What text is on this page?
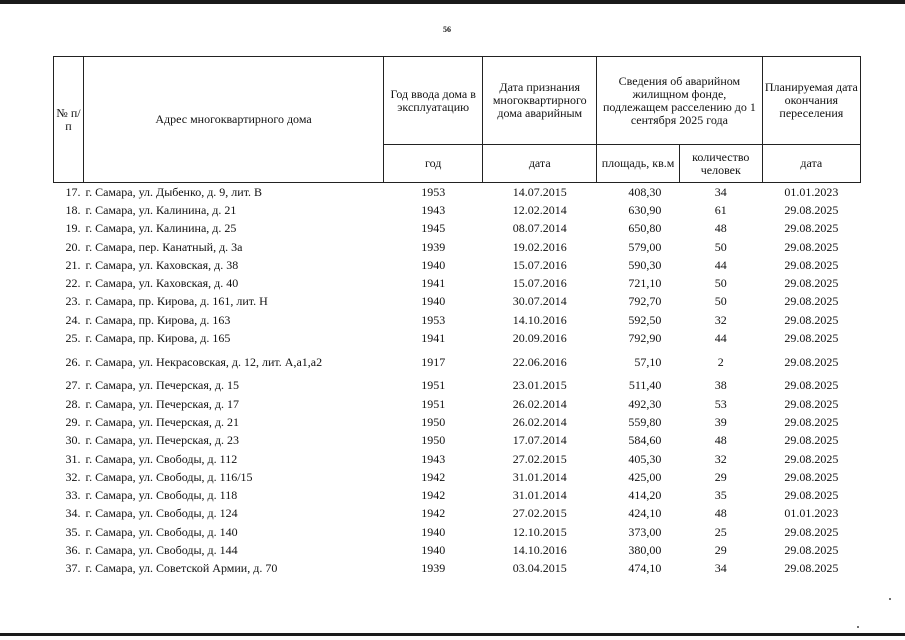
56
№ п/п	Адрес многоквартирного дома	Год ввода дома в эксплуатацию	Дата признания многоквартирного дома аварийным	Сведения об аварийном жилищном фонде, подлежащем расселению до 1 сентября 2025 года		Планируемая дата окончания переселения
		год	дата	площадь, кв.м	количество человек	дата
17.	г. Самара, ул. Дыбенко, д. 9, лит. В	1953	14.07.2015	408,30	34	01.01.2023
18.	г. Самара, ул. Калинина, д. 21	1943	12.02.2014	630,90	61	29.08.2025
19.	г. Самара, ул. Калинина, д. 25	1945	08.07.2014	650,80	48	29.08.2025
20.	г. Самара, пер. Канатный, д. 3а	1939	19.02.2016	579,00	50	29.08.2025
21.	г. Самара, ул. Каховская, д. 38	1940	15.07.2016	590,30	44	29.08.2025
22.	г. Самара, ул. Каховская, д. 40	1941	15.07.2016	721,10	50	29.08.2025
23.	г. Самара, пр. Кирова, д. 161, лит. Н	1940	30.07.2014	792,70	50	29.08.2025
24.	г. Самара, пр. Кирова, д. 163	1953	14.10.2016	592,50	32	29.08.2025
25.	г. Самара, пр. Кирова, д. 165	1941	20.09.2016	792,90	44	29.08.2025
26.	г. Самара, ул. Некрасовская, д. 12, лит. А,а1,а2	1917	22.06.2016	57,10	2	29.08.2025
27.	г. Самара, ул. Печерская, д. 15	1951	23.01.2015	511,40	38	29.08.2025
28.	г. Самара, ул. Печерская, д. 17	1951	26.02.2014	492,30	53	29.08.2025
29.	г. Самара, ул. Печерская, д. 21	1950	26.02.2014	559,80	39	29.08.2025
30.	г. Самара, ул. Печерская, д. 23	1950	17.07.2014	584,60	48	29.08.2025
31.	г. Самара, ул. Свободы, д. 112	1943	27.02.2015	405,30	32	29.08.2025
32.	г. Самара, ул. Свободы, д. 116/15	1942	31.01.2014	425,00	29	29.08.2025
33.	г. Самара, ул. Свободы, д. 118	1942	31.01.2014	414,20	35	29.08.2025
34.	г. Самара, ул. Свободы, д. 124	1942	27.02.2015	424,10	48	01.01.2023
35.	г. Самара, ул. Свободы, д. 140	1940	12.10.2015	373,00	25	29.08.2025
36.	г. Самара, ул. Свободы, д. 144	1940	14.10.2016	380,00	29	29.08.2025
37.	г. Самара, ул. Советской Армии, д. 70	1939	03.04.2015	474,10	34	29.08.2025
